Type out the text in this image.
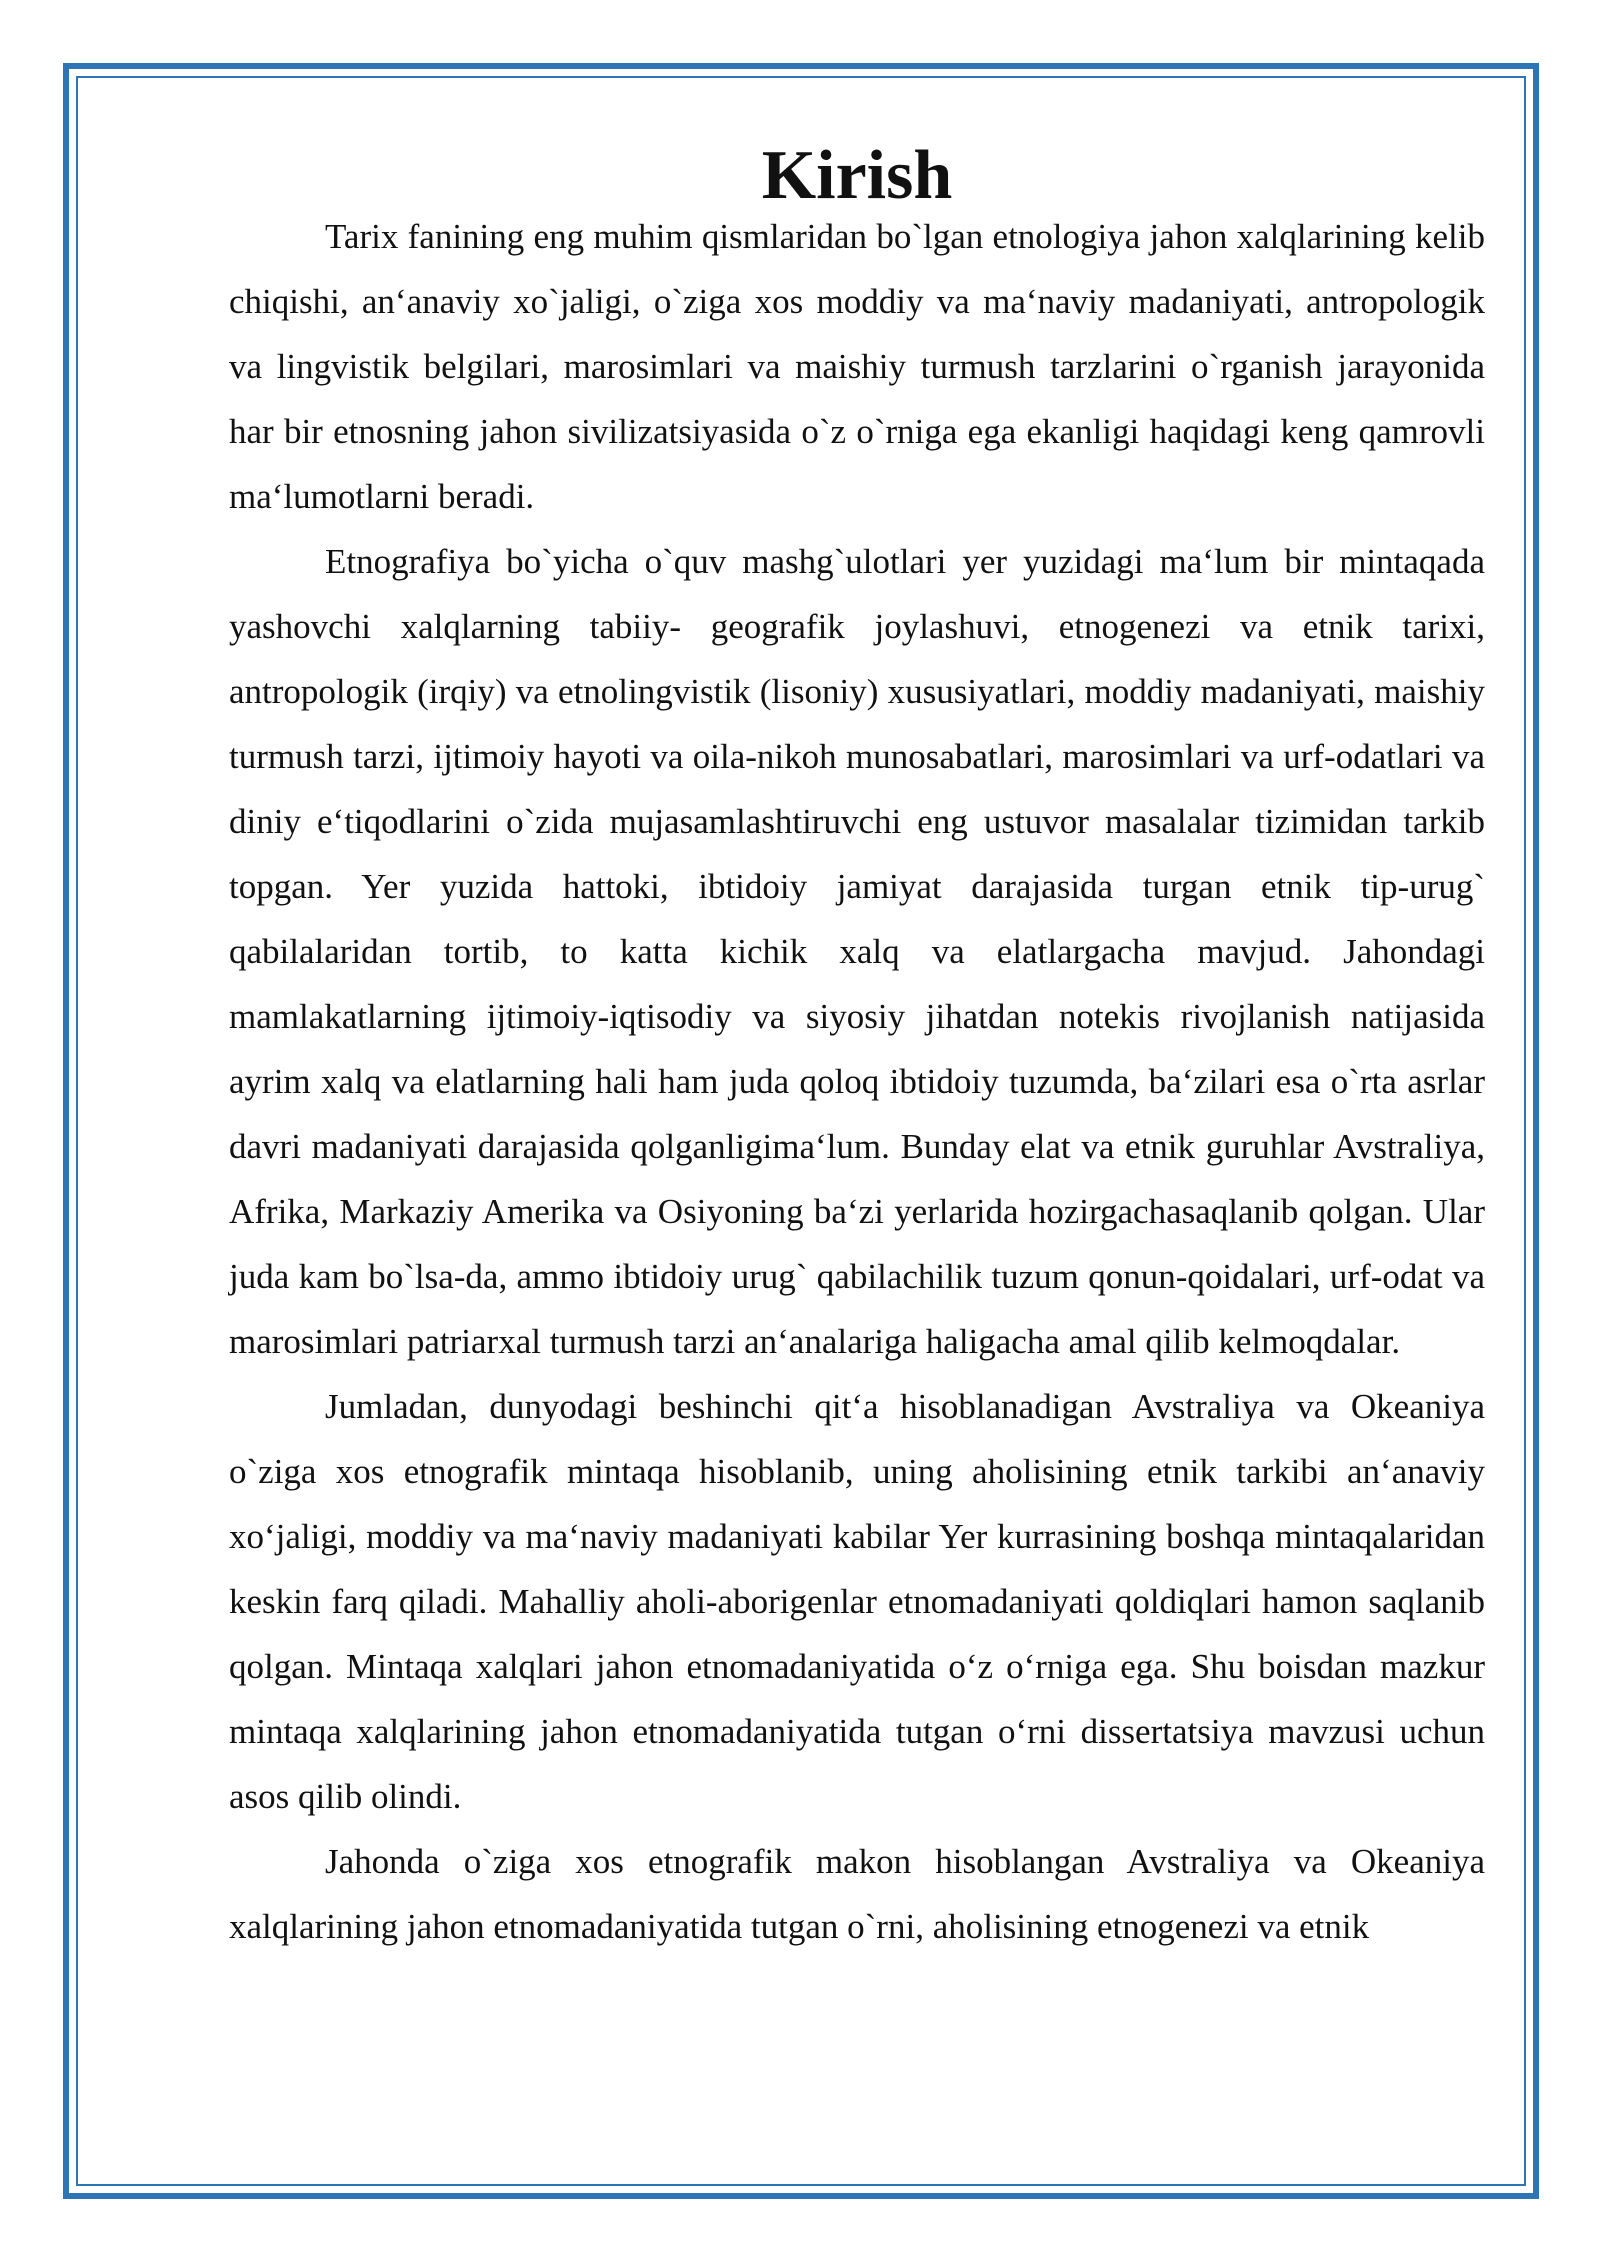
Kirish

Tarix fanining eng muhim qismlaridan bo`lgan etnologiya jahon xalqlarining kelib chiqishi, an‘anaviy xo`jaligi, o`ziga xos moddiy va ma‘naviy madaniyati, antropologik va lingvistik belgilari, marosimlari va maishiy turmush tarzlarini o`rganish jarayonida har bir etnosning jahon sivilizatsiyasida o`z o`rniga ega ekanligi haqidagi keng qamrovli ma‘lumotlarni beradi.

Etnografiya bo`yicha o`quv mashg`ulotlari yer yuzidagi ma‘lum bir mintaqada yashovchi xalqlarning tabiiy- geografik joylashuvi, etnogenezi va etnik tarixi, antropologik (irqiy) va etnolingvistik (lisoniy) xususiyatlari, moddiy madaniyati, maishiy turmush tarzi, ijtimoiy hayoti va oila-nikoh munosabatlari, marosimlari va urf-odatlari va diniy e‘tiqodlarini o`zida mujasamlashtiruvchi eng ustuvor masalalar tizimidan tarkib topgan. Yer yuzida hattoki, ibtidoiy jamiyat darajasida turgan etnik tip-urug` qabilalaridan tortib, to katta kichik xalq va elatlargacha mavjud. Jahondagi mamlakatlarning ijtimoiy-iqtisodiy va siyosiy jihatdan notekis rivojlanish natijasida ayrim xalq va elatlarning hali ham juda qoloq ibtidoiy tuzumda, ba‘zilari esa o`rta asrlar davri madaniyati darajasida qolganligima‘lum. Bunday elat va etnik guruhlar Avstraliya, Afrika, Markaziy Amerika va Osiyoning ba‘zi yerlarida hozirgachasaqlanib qolgan. Ular juda kam bo`lsa-da, ammo ibtidoiy urug` qabilachilik tuzum qonun-qoidalari, urf-odat va marosimlari patriarxal turmush tarzi an‘analariga haligacha amal qilib kelmoqdalar.

Jumladan, dunyodagi beshinchi qit‘a hisoblanadigan Avstraliya va Okeaniya o`ziga xos etnografik mintaqa hisoblanib, uning aholisining etnik tarkibi an‘anaviy xo‘jaligi, moddiy va ma‘naviy madaniyati kabilar Yer kurrasining boshqa mintaqalaridan keskin farq qiladi. Mahalliy aholi-aborigenlar etnomadaniyati qoldiqlari hamon saqlanib qolgan. Mintaqa xalqlari jahon etnomadaniyatida o‘z o‘rniga ega. Shu boisdan mazkur mintaqa xalqlarining jahon etnomadaniyatida tutgan o‘rni dissertatsiya mavzusi uchun asos qilib olindi.

Jahonda o`ziga xos etnografik makon hisoblangan Avstraliya va Okeaniya xalqlarining jahon etnomadaniyatida tutgan o`rni, aholisining etnogenezi va etnik
